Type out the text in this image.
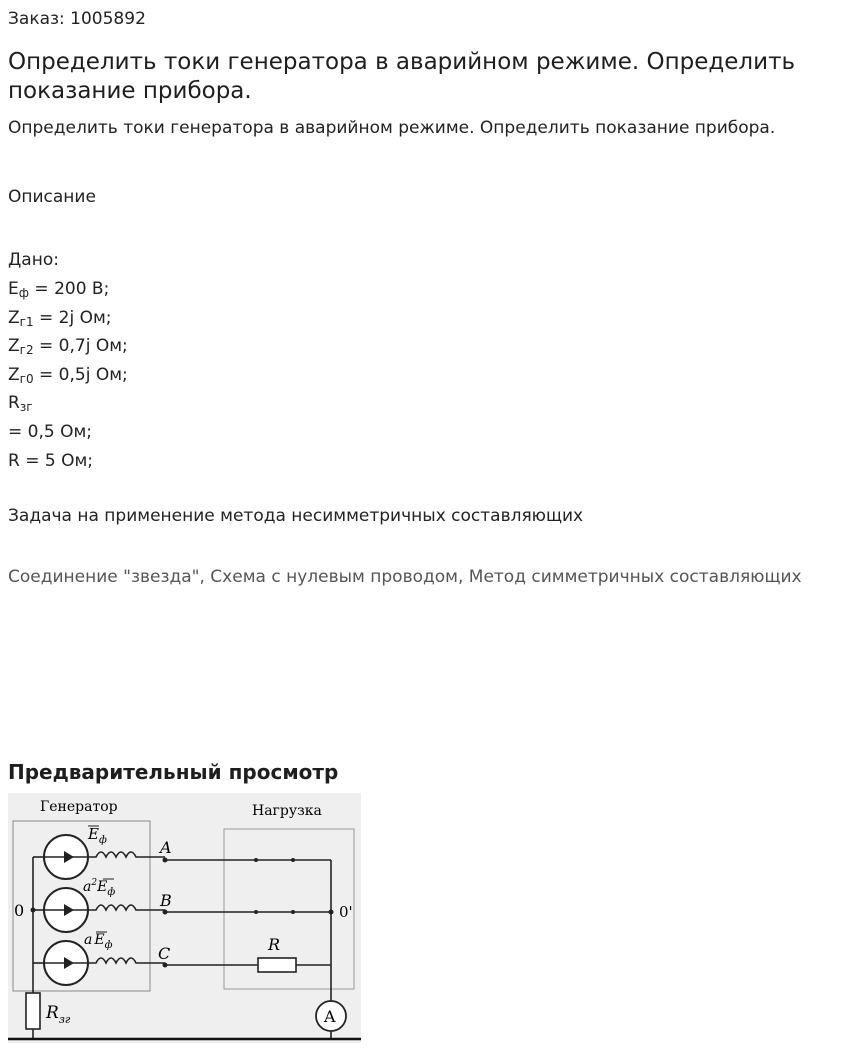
Заказ: 1005892
Определить токи генератора в аварийном режиме. Определить показание прибора.
Определить токи генератора в аварийном режиме. Определить показание прибора.
Описание
Дано:
$E_ф = 200$ В;
$Z_{г1} = 2j$ Ом;
$Z_{г2} = 0,7j$ Ом;
$Z_{г0} = 0,5j$ Ом;
$R_{зг}$
= 0,5 Ом;
R = 5 Ом;
Задача на применение метода несимметричных составляющих
Соединение "звезда", Схема с нулевым проводом, Метод симметричных составляющих
Предварительный просмотр
Генератор	Нагрузка
0
$E_ф$	A
$a^2E_ф$	B
a $E_ф$	C	R
0'
A
$R_{зг}$
